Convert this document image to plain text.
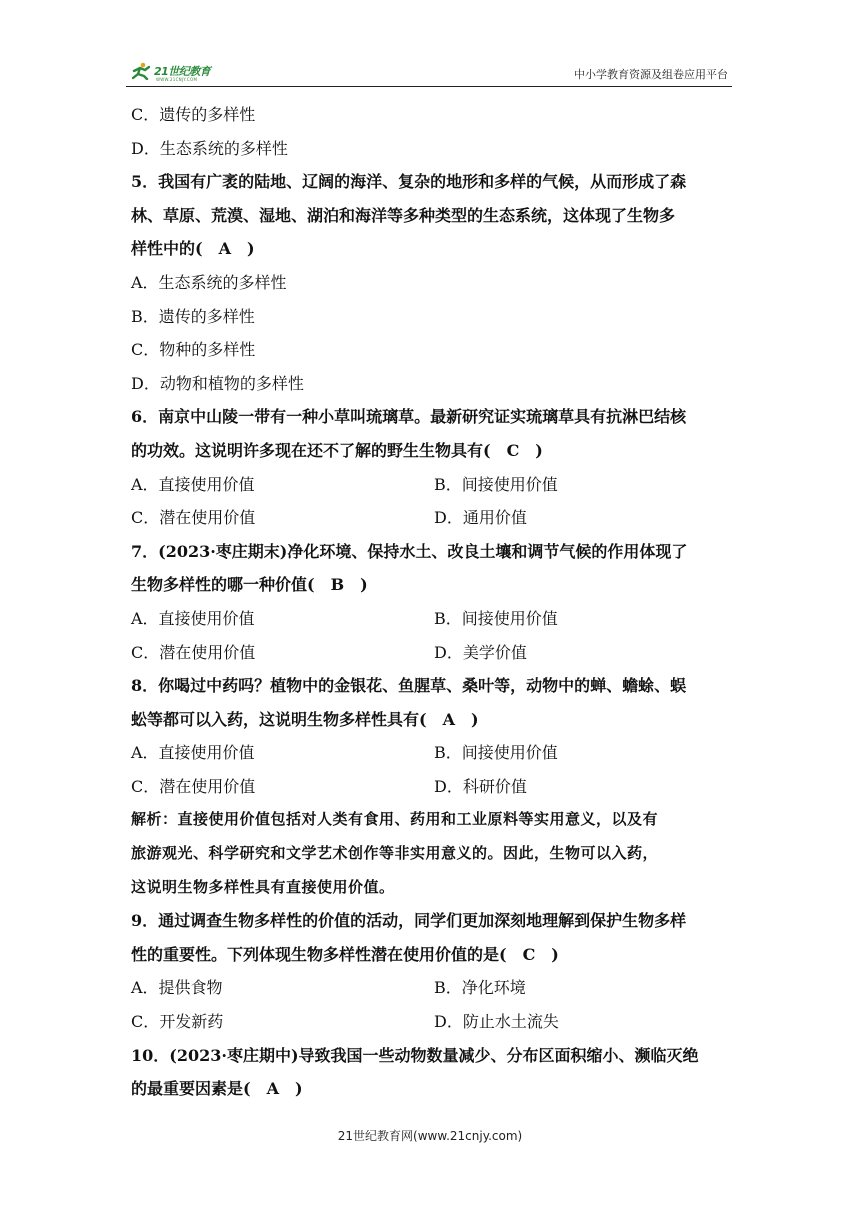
21世纪教育
WWW.21CNJY.COM	中小学教育资源及组卷应用平台
C．遗传的多样性
D．生态系统的多样性
5．我国有广袤的陆地、辽阔的海洋、复杂的地形和多样的气候，从而形成了森
林、草原、荒漠、湿地、湖泊和海洋等多种类型的生态系统，这体现了生物多
样性中的(　A　)
A．生态系统的多样性
B．遗传的多样性
C．物种的多样性
D．动物和植物的多样性
6．南京中山陵一带有一种小草叫琉璃草。最新研究证实琉璃草具有抗淋巴结核
的功效。这说明许多现在还不了解的野生生物具有(　C　)
A．直接使用价值	B．间接使用价值
C．潜在使用价值	D．通用价值
7．(2023·枣庄期末)净化环境、保持水土、改良土壤和调节气候的作用体现了
生物多样性的哪一种价值(　B　)
A．直接使用价值	B．间接使用价值
C．潜在使用价值	D．美学价值
8．你喝过中药吗？植物中的金银花、鱼腥草、桑叶等，动物中的蝉、蟾蜍、蜈
蚣等都可以入药，这说明生物多样性具有(　A　)
A．直接使用价值	B．间接使用价值
C．潜在使用价值	D．科研价值
解析：直接使用价值包括对人类有食用、药用和工业原料等实用意义，以及有
旅游观光、科学研究和文学艺术创作等非实用意义的。因此，生物可以入药，
这说明生物多样性具有直接使用价值。
9．通过调查生物多样性的价值的活动，同学们更加深刻地理解到保护生物多样
性的重要性。下列体现生物多样性潜在使用价值的是(　C　)
A．提供食物	B．净化环境
C．开发新药	D．防止水土流失
10．(2023·枣庄期中)导致我国一些动物数量减少、分布区面积缩小、濒临灭绝
的最重要因素是(　A　)
21世纪教育网(www.21cnjy.com)
